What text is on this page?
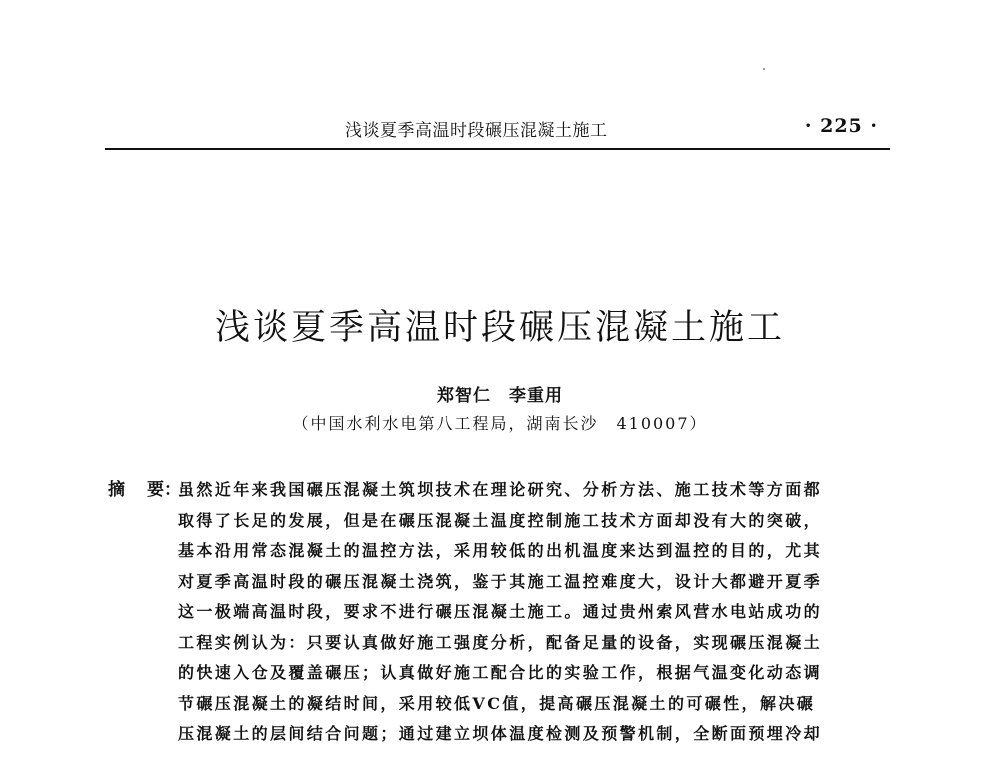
浅谈夏季高温时段碾压混凝土施工	· 225 ·
浅谈夏季高温时段碾压混凝土施工
郑智仁　李重用
（中国水利水电第八工程局，湖南长沙　410007）
摘 要：
虽然近年来我国碾压混凝土筑坝技术在理论研究、分析方法、施工技术等方面都
取得了长足的发展，但是在碾压混凝土温度控制施工技术方面却没有大的突破，
基本沿用常态混凝土的温控方法，采用较低的出机温度来达到温控的目的，尤其
对夏季高温时段的碾压混凝土浇筑，鉴于其施工温控难度大，设计大都避开夏季
这一极端高温时段，要求不进行碾压混凝土施工。通过贵州索风营水电站成功的
工程实例认为：只要认真做好施工强度分析，配备足量的设备，实现碾压混凝土
的快速入仓及覆盖碾压；认真做好施工配合比的实验工作，根据气温变化动态调
节碾压混凝土的凝结时间，采用较低VC值，提高碾压混凝土的可碾性，解决碾
压混凝土的层间结合问题；通过建立坝体温度检测及预警机制，全断面预埋冷却
